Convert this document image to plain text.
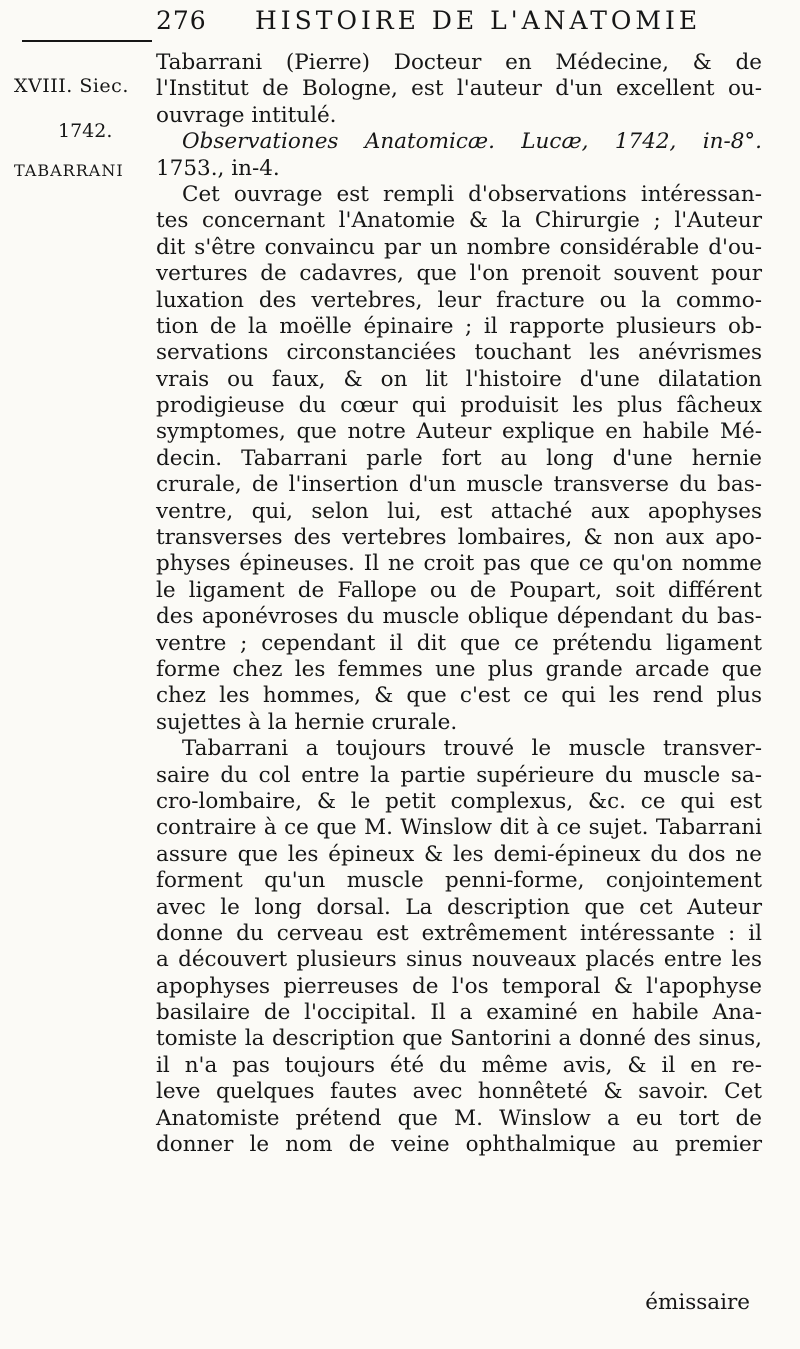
276 HISTOIRE DE L'ANATOMIE
XVIII. Siec.
1742.
TABARRANI
Tabarrani (Pierre) Docteur en Médecine, & de
l'Institut de Bologne, est l'auteur d'un excellent ou-
ouvrage intitulé.
Observationes Anatomicæ. Lucæ, 1742, in-8°.
1753., in-4.
Cet ouvrage est rempli d'observations intéressan-
tes concernant l'Anatomie & la Chirurgie ; l'Auteur
dit s'être convaincu par un nombre considérable d'ou-
vertures de cadavres, que l'on prenoit souvent pour
luxation des vertebres, leur fracture ou la commo-
tion de la moëlle épinaire ; il rapporte plusieurs ob-
servations circonstanciées touchant les anévrismes
vrais ou faux, & on lit l'histoire d'une dilatation
prodigieuse du cœur qui produisit les plus fâcheux
symptomes, que notre Auteur explique en habile Mé-
decin. Tabarrani parle fort au long d'une hernie
crurale, de l'insertion d'un muscle transverse du bas-
ventre, qui, selon lui, est attaché aux apophyses
transverses des vertebres lombaires, & non aux apo-
physes épineuses. Il ne croit pas que ce qu'on nomme
le ligament de Fallope ou de Poupart, soit différent
des aponévroses du muscle oblique dépendant du bas-
ventre ; cependant il dit que ce prétendu ligament
forme chez les femmes une plus grande arcade que
chez les hommes, & que c'est ce qui les rend plus
sujettes à la hernie crurale.
Tabarrani a toujours trouvé le muscle transver-
saire du col entre la partie supérieure du muscle sa-
cro-lombaire, & le petit complexus, &c. ce qui est
contraire à ce que M. Winslow dit à ce sujet. Tabarrani
assure que les épineux & les demi-épineux du dos ne
forment qu'un muscle penni-forme, conjointement
avec le long dorsal. La description que cet Auteur
donne du cerveau est extrêmement intéressante : il
a découvert plusieurs sinus nouveaux placés entre les
apophyses pierreuses de l'os temporal & l'apophyse
basilaire de l'occipital. Il a examiné en habile Ana-
tomiste la description que Santorini a donné des sinus,
il n'a pas toujours été du même avis, & il en re-
leve quelques fautes avec honnêteté & savoir. Cet
Anatomiste prétend que M. Winslow a eu tort de
donner le nom de veine ophthalmique au premier
émissaire
